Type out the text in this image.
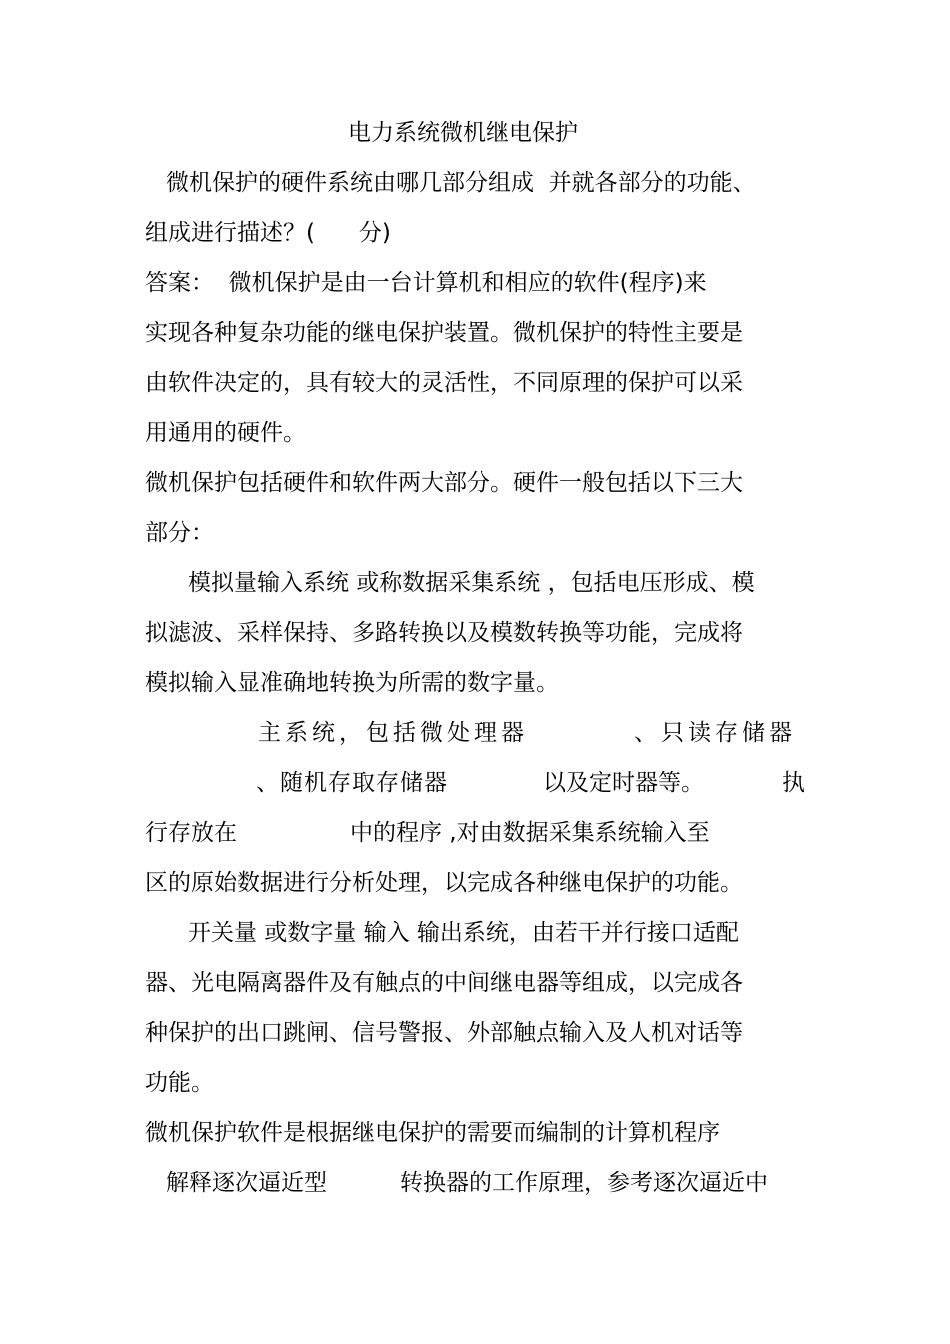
电力系统微机继电保护
微机保护的硬件系统由哪几部分组成  并就各部分的功能、
组成进行描述？(      分)
答案：  微机保护是由一台计算机和相应的软件(程序)来
实现各种复杂功能的继电保护装置。微机保护的特性主要是
由软件决定的，具有较大的灵活性，不同原理的保护可以采
用通用的硬件。
微机保护包括硬件和软件两大部分。硬件一般包括以下三大
部分：
模拟量输入系统 或称数据采集系统 ，包括电压形成、模
拟滤波、采样保持、多路转换以及模数转换等功能，完成将
模拟输入显准确地转换为所需的数字量。
主系统，包括微处理器	、只读存储器
、随机存取存储器	以及定时器等。	执
行存放在	中的程序 ,对由数据采集系统输入至
区的原始数据进行分析处理，以完成各种继电保护的功能。
开关量 或数字量 输入 输出系统，由若干并行接口适配
器、光电隔离器件及有触点的中间继电器等组成，以完成各
种保护的出口跳闸、信号警报、外部触点输入及人机对话等
功能。
微机保护软件是根据继电保护的需要而编制的计算机程序
解释逐次逼近型	转换器的工作原理，参考逐次逼近中
